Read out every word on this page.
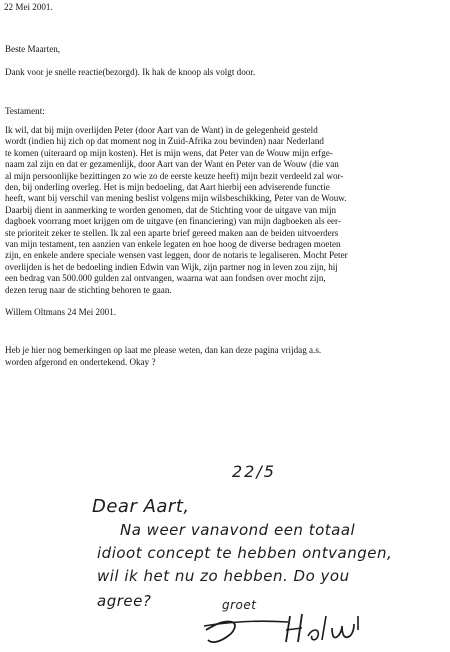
22 Mei 2001.
Beste Maarten,
Dank voor je snelle reactie(bezorgd). Ik hak de knoop als volgt door.
Testament:
Ik wil, dat bij mijn overlijden Peter (door Aart van de Want) in de gelegenheid gesteld
wordt (indien hij zich op dat moment nog in Zuid-Afrika zou bevinden) naar Nederland
te komen (uiteraard op mijn kosten). Het is mijn wens, dat Peter van de Wouw mijn erfge-
naam zal zijn en dat er gezamenlijk, door Aart van der Want en Peter van de Wouw (die van
al mijn persoonlijke bezittingen zo wie zo de eerste keuze heeft) mijn bezit verdeeld zal wor-
den, bij onderling overleg. Het is mijn bedoeling, dat Aart hierbij een adviserende functie
heeft, want bij verschil van mening beslist volgens mijn wilsbeschikking, Peter van de Wouw.
Daarbij dient in aanmerking te worden genomen, dat de Stichting voor de uitgave van mijn
dagboek voorrang moet krijgen om de uitgave (en financiering) van mijn dagboeken als eer-
ste prioriteit zeker te stellen. Ik zal een aparte brief gereed maken aan de beiden uitvoerders
van mijn testament, ten aanzien van enkele legaten en hoe hoog de diverse bedragen moeten
zijn, en enkele andere speciale wensen vast leggen, door de notaris te legaliseren. Mocht Peter
overlijden is het de bedoeling indien Edwin van Wijk, zijn partner nog in leven zou zijn, hij
een bedrag van 500.000 gulden zal ontvangen, waarna wat aan fondsen over mocht zijn,
dezen terug naar de stichting behoren te gaan.
Willem Oltmans 24 Mei 2001.
Heb je hier nog bemerkingen op laat me please weten, dan kan deze pagina vrijdag a.s.
worden afgerond en ondertekend. Okay ?
22/5
Dear Aart,
Na weer vanavond een totaal
idioot concept te hebben ontvangen,
wil ik het nu zo hebben. Do you
agree?	groet
